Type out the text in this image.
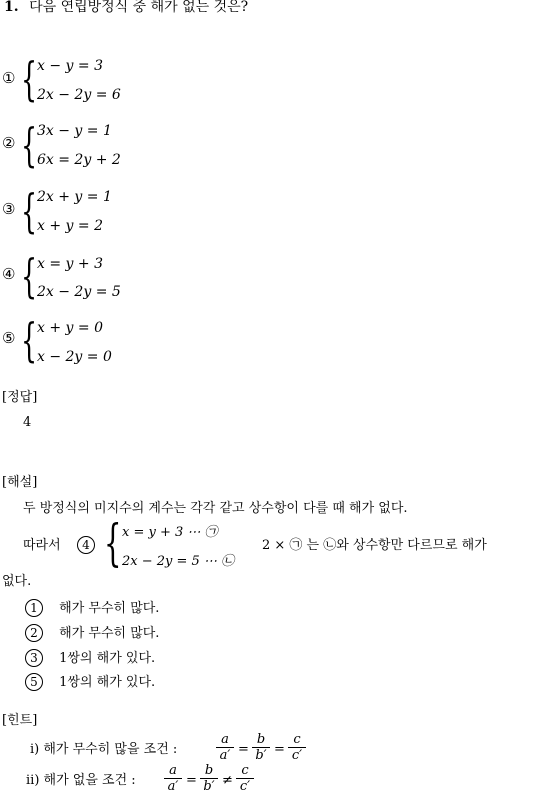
1. 다음 연립방정식 중 해가 없는 것은?
① { x − y = 3
2x − 2y = 6
② { 3x − y = 1
6x = 2y + 2
③ { 2x + y = 1
x + y = 2
④ { x = y + 3
2x − 2y = 5
⑤ { x + y = 0
x − 2y = 0
[정답]
4
[해설]
두 방정식의 미지수의 계수는 각각 같고 상수항이 다를 때 해가 없다.
따라서	4 { x = y + 3 ⋯ ㉠
2x − 2y = 5 ⋯ ㉡
2 × ㉠ 는 ㉡와 상수항만 다르므로 해가
없다.
1 해가 무수히 많다.
2 해가 무수히 많다.
3 1쌍의 해가 있다.
5 1쌍의 해가 있다.
[힌트]
ⅰ) 해가 무수히 많을 조건 :
a
a′ =
b
b′ =
c
c′
ⅱ) 해가 없을 조건 :
a
a′ =
b
b′ ≠
c
c′
